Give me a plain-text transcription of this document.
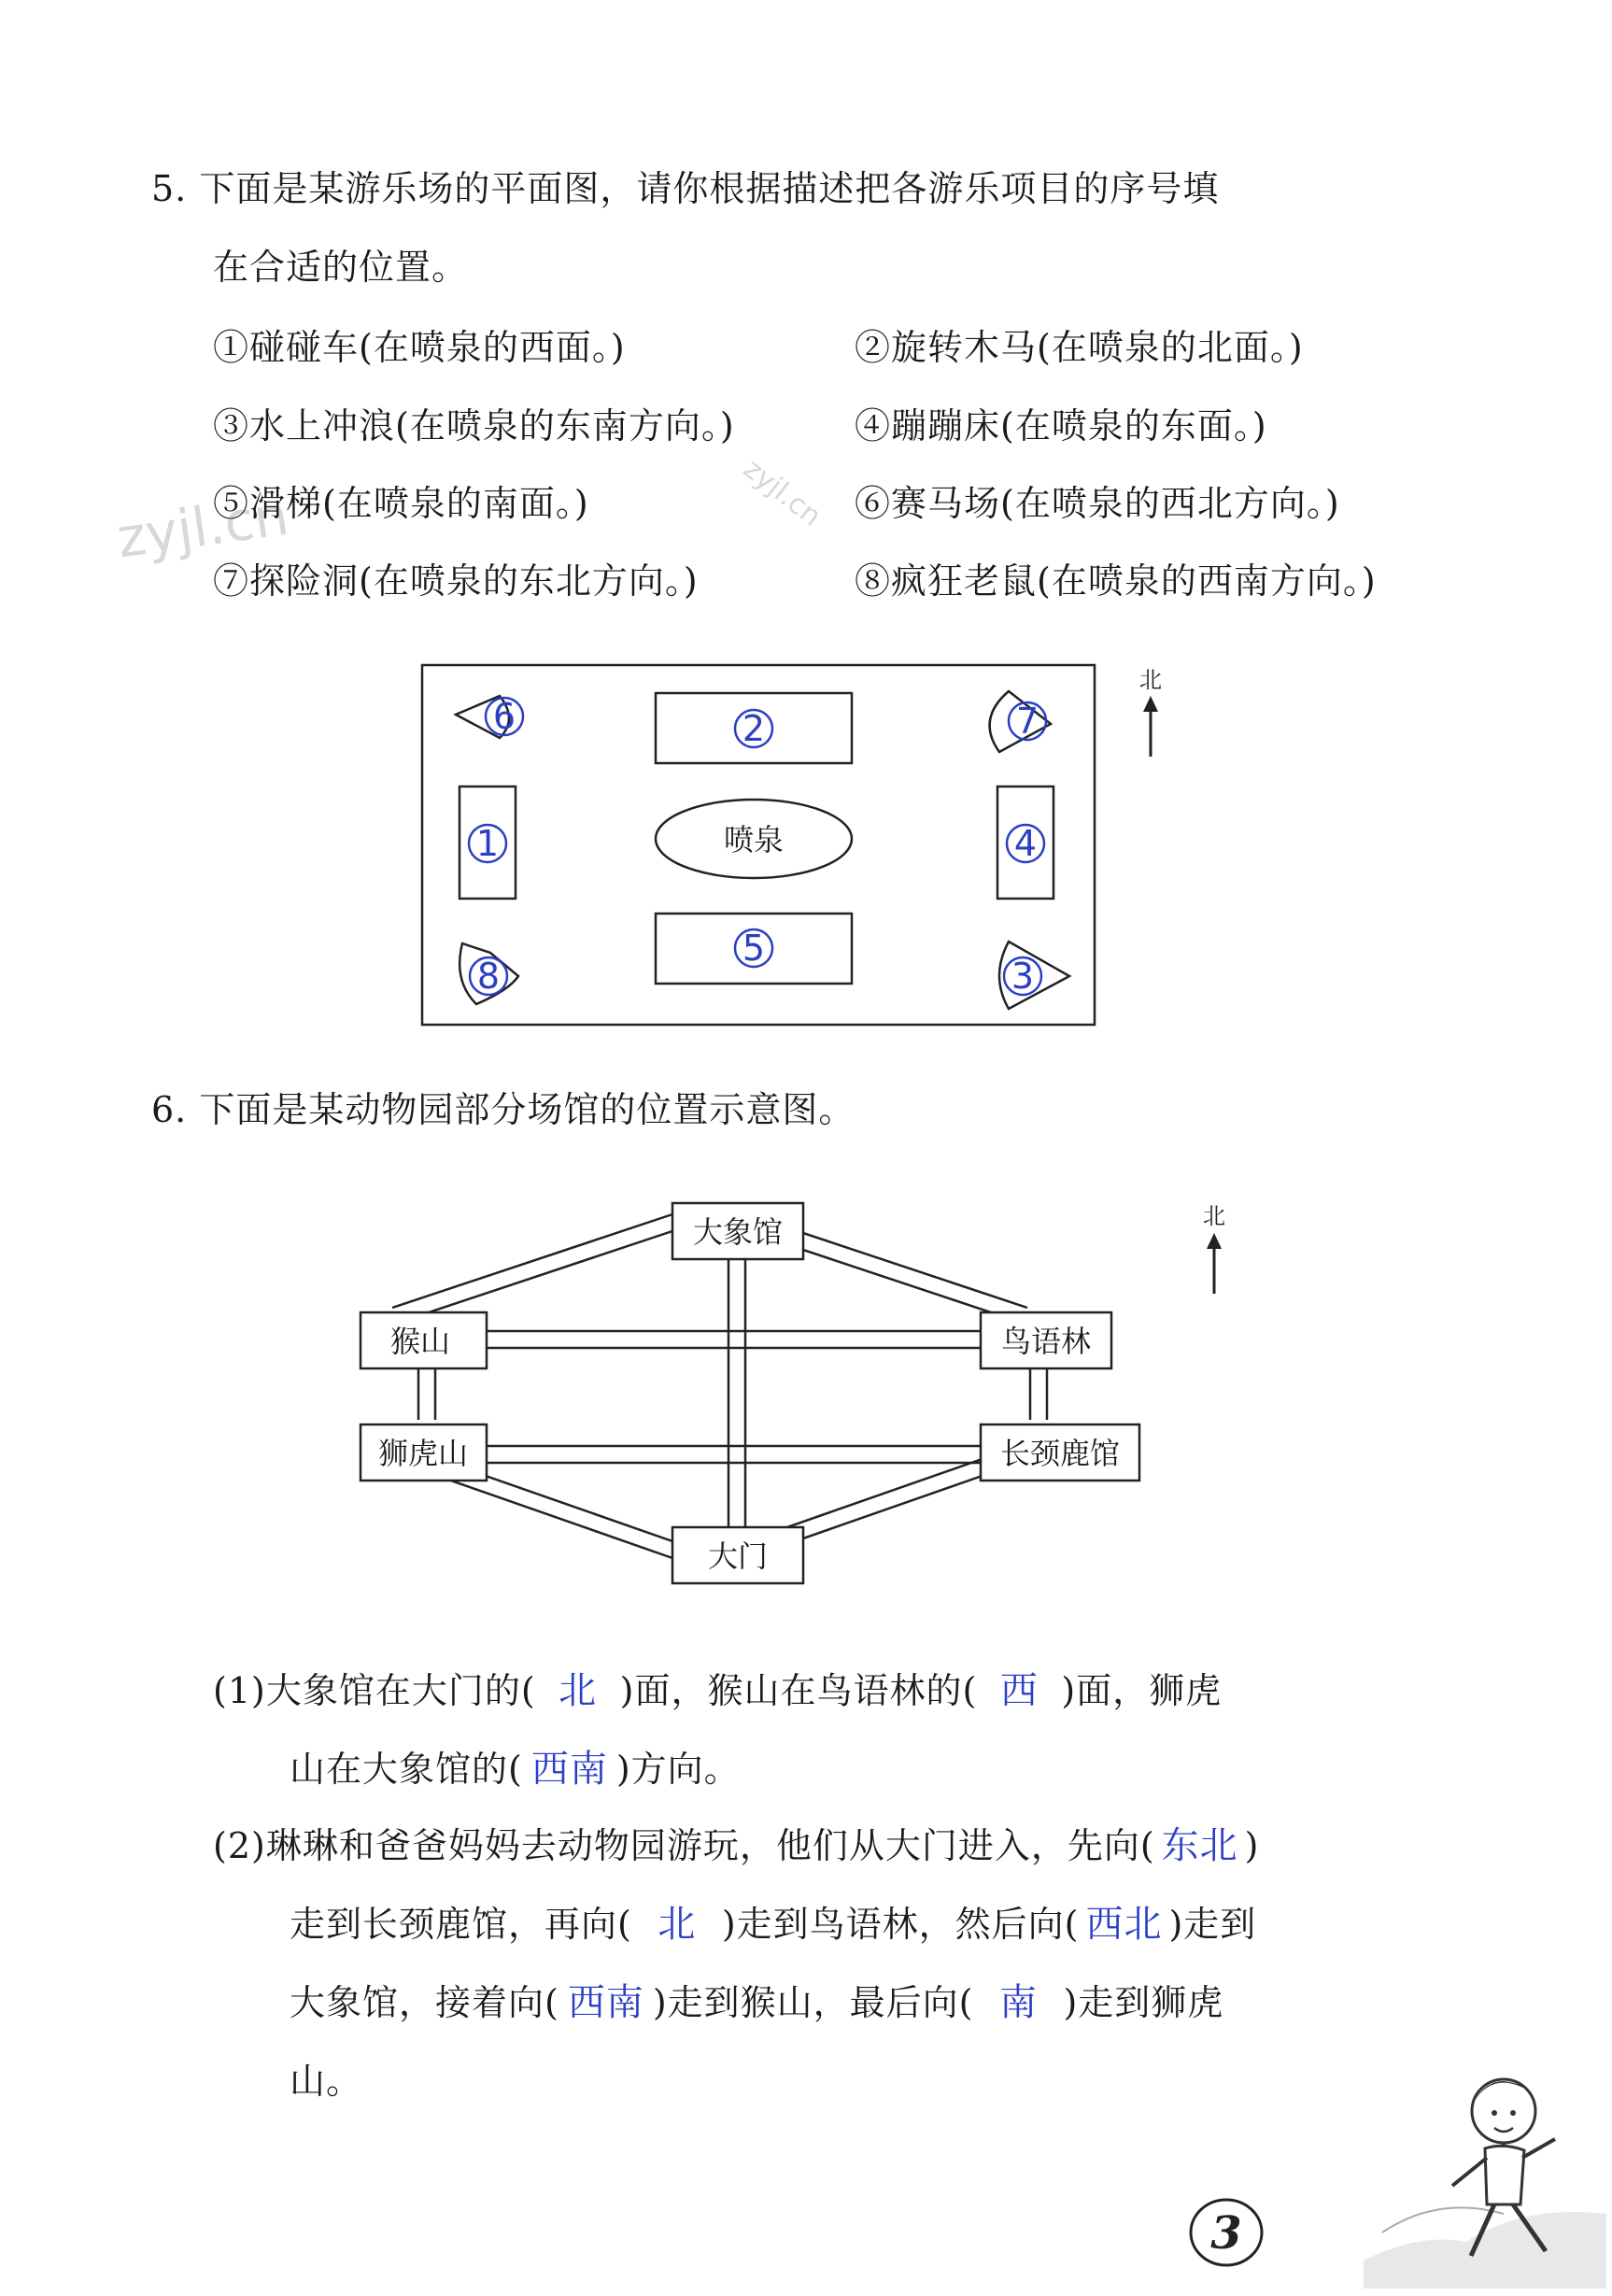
zyjl.cn	zyjl.cn
5. 下面是某游乐场的平面图，请你根据描述把各游乐项目的序号填
在合适的位置。
①碰碰车(在喷泉的西面。)	②旋转木马(在喷泉的北面。)
③水上冲浪(在喷泉的东南方向。)	④蹦蹦床(在喷泉的东面。)
⑤滑梯(在喷泉的南面。)	⑥赛马场(在喷泉的西北方向。)
⑦探险洞(在喷泉的东北方向。)	⑧疯狂老鼠(在喷泉的西南方向。)
6	2	7
1	喷泉	4
8
5
3
北
6. 下面是某动物园部分场馆的位置示意图。
大象馆
猴山	鸟语林
狮虎山	长颈鹿馆
大门
北
(1)大象馆在大门的( 北 )面，猴山在鸟语林的( 西 )面，狮虎
山在大象馆的( 西南 )方向。
(2)琳琳和爸爸妈妈去动物园游玩，他们从大门进入，先向( 东北 )
走到长颈鹿馆，再向( 北 )走到鸟语林，然后向( 西北 )走到
大象馆，接着向( 西南 )走到猴山，最后向( 南 )走到狮虎
山。
3
